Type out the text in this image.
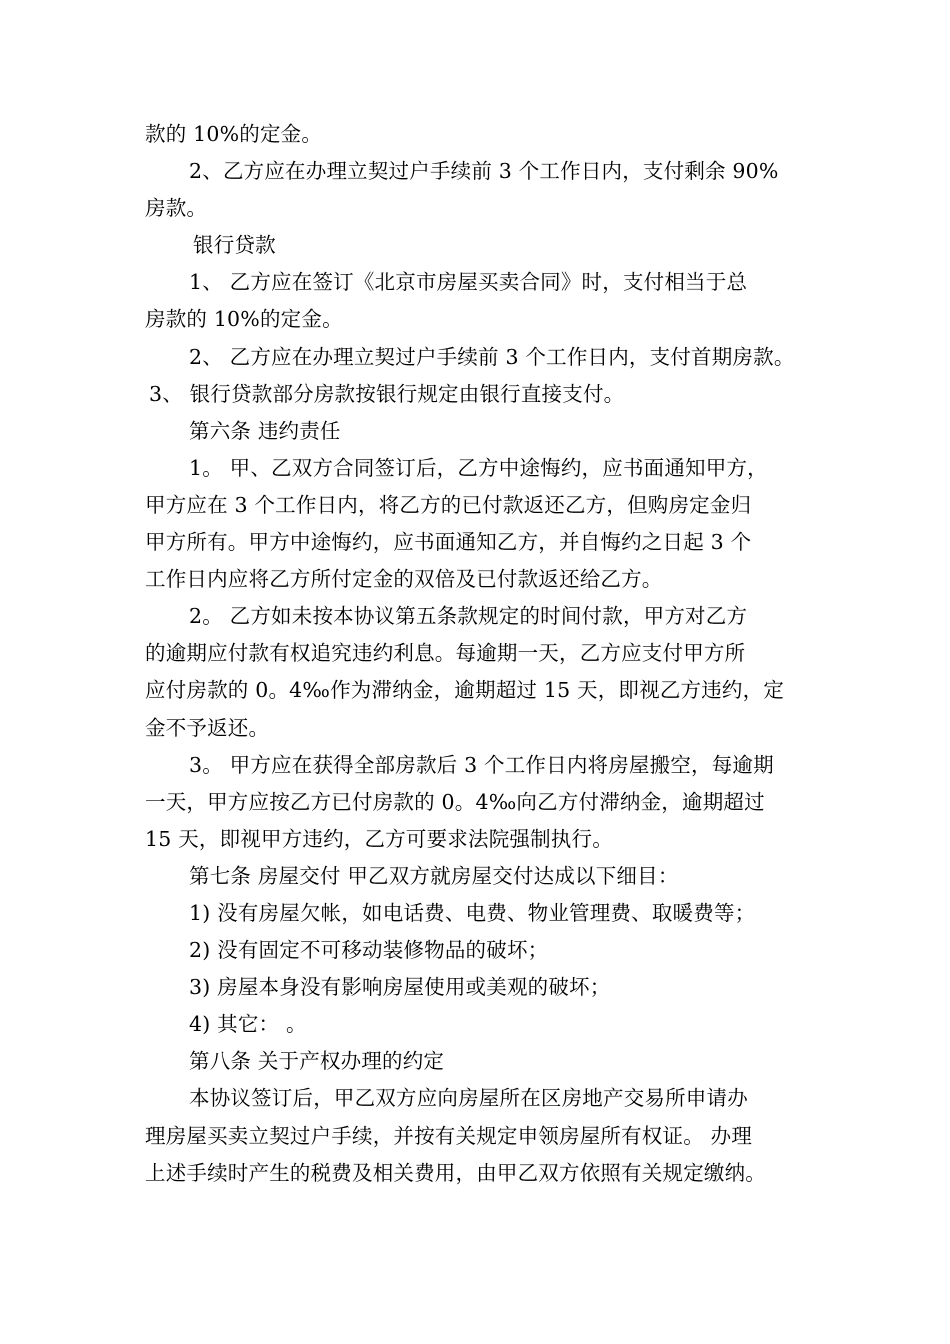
款的 10%的定金。
2、乙方应在办理立契过户手续前 3 个工作日内，支付剩余 90%
房款。
银行贷款
1、 乙方应在签订《北京市房屋买卖合同》时，支付相当于总
房款的 10%的定金。
2、 乙方应在办理立契过户手续前 3 个工作日内，支付首期房款。
3、 银行贷款部分房款按银行规定由银行直接支付。
第六条 违约责任
1。 甲、乙双方合同签订后，乙方中途悔约，应书面通知甲方，
甲方应在 3 个工作日内，将乙方的已付款返还乙方，但购房定金归
甲方所有。甲方中途悔约，应书面通知乙方，并自悔约之日起 3 个
工作日内应将乙方所付定金的双倍及已付款返还给乙方。
2。 乙方如未按本协议第五条款规定的时间付款，甲方对乙方
的逾期应付款有权追究违约利息。每逾期一天，乙方应支付甲方所
应付房款的 0。4‰作为滞纳金，逾期超过 15 天，即视乙方违约，定
金不予返还。
3。 甲方应在获得全部房款后 3 个工作日内将房屋搬空，每逾期
一天，甲方应按乙方已付房款的 0。4‰向乙方付滞纳金，逾期超过
15 天，即视甲方违约，乙方可要求法院强制执行。
第七条 房屋交付 甲乙双方就房屋交付达成以下细目：
1) 没有房屋欠帐，如电话费、电费、物业管理费、取暖费等；
2) 没有固定不可移动装修物品的破坏；
3) 房屋本身没有影响房屋使用或美观的破坏；
4) 其它： 。
第八条 关于产权办理的约定
本协议签订后，甲乙双方应向房屋所在区房地产交易所申请办
理房屋买卖立契过户手续，并按有关规定申领房屋所有权证。 办理
上述手续时产生的税费及相关费用，由甲乙双方依照有关规定缴纳。
